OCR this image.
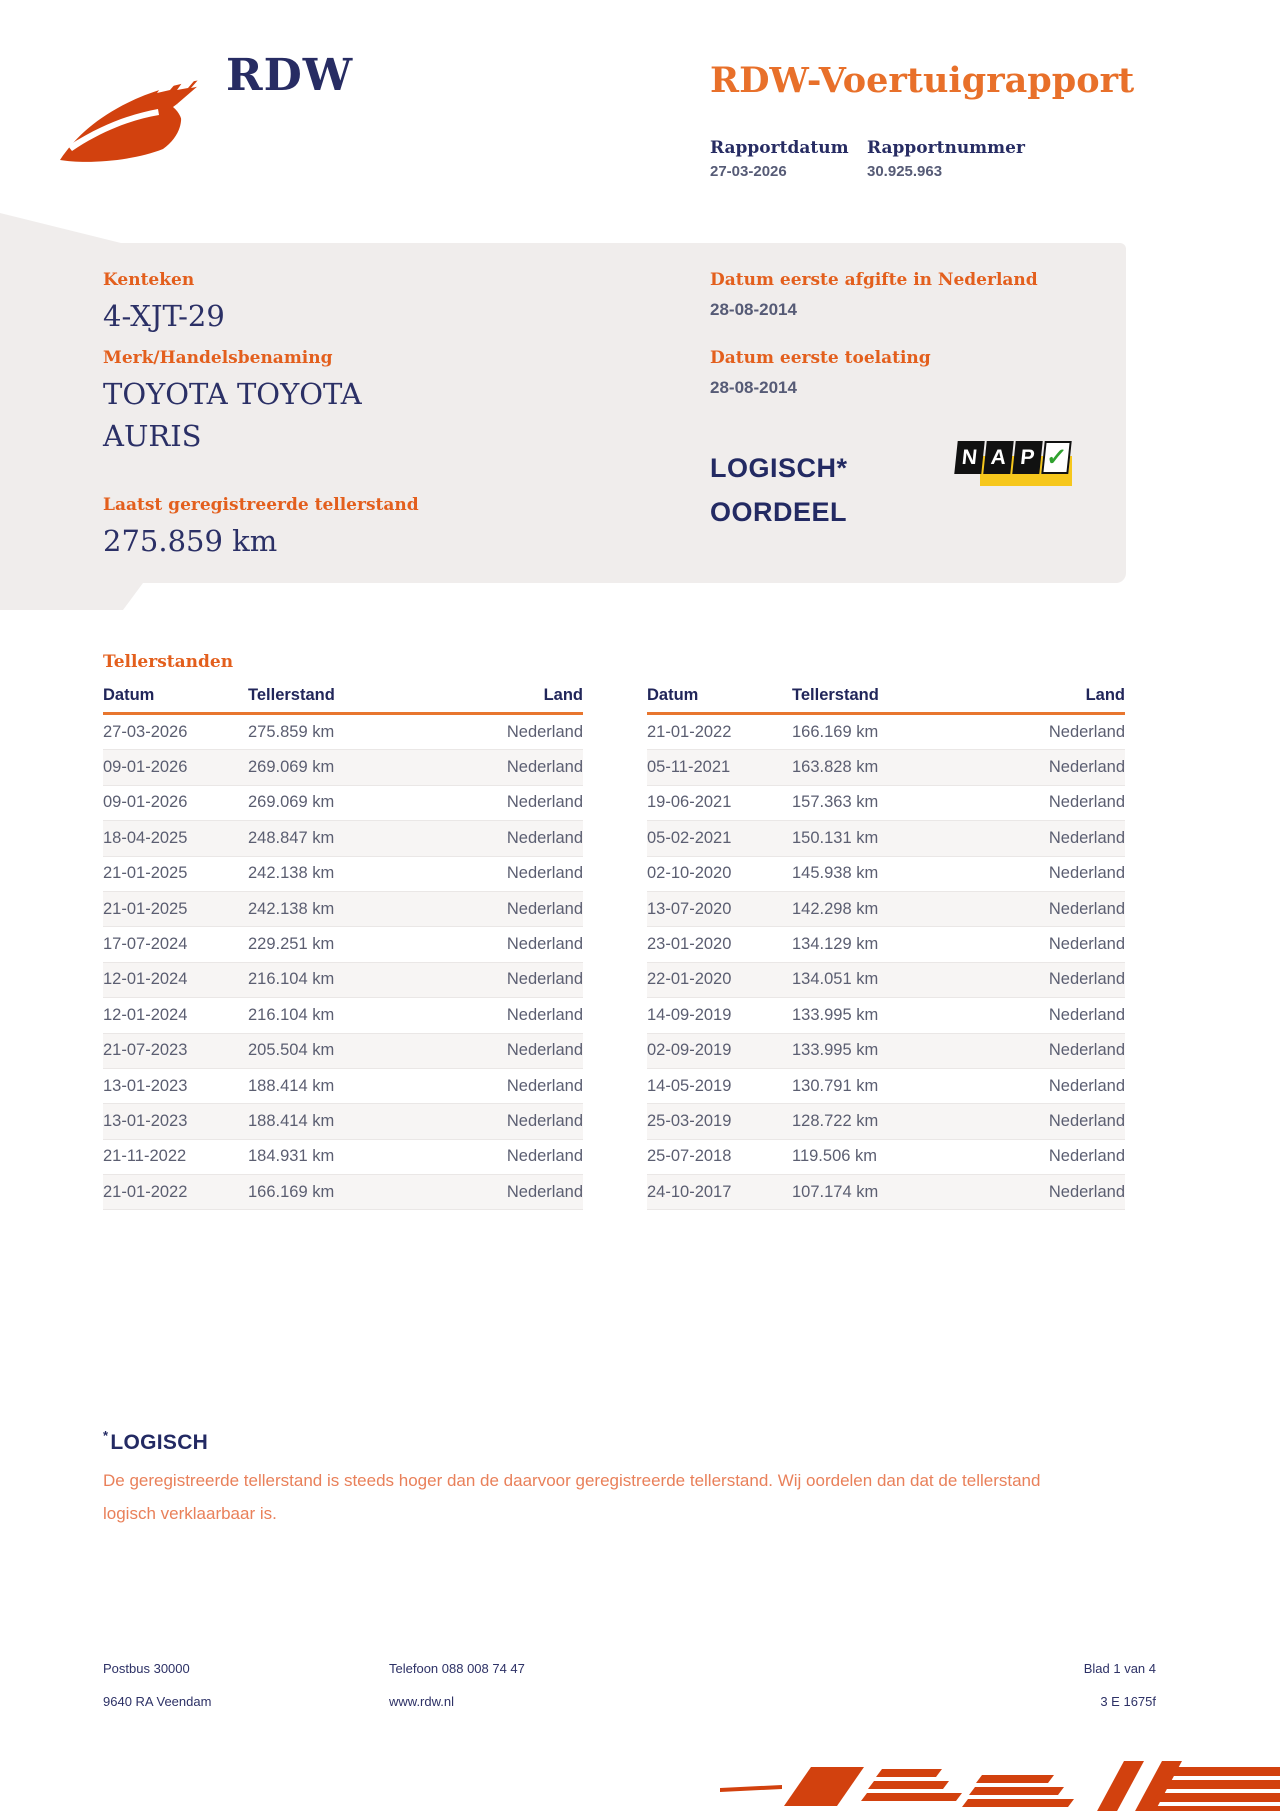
RDW	RDW-Voertuigrapport
Rapportdatum Rapportnummer
27-03-2026	30.925.963
Kenteken
4-XJT-29
Merk/Handelsbenaming
TOYOTA TOYOTA AURIS
Laatst geregistreerde tellerstand
275.859 km
Datum eerste afgifte in Nederland
28-08-2014
Datum eerste toelating
28-08-2014
LOGISCH*
OORDEEL
N A P ✓
Tellerstanden
Datum	Tellerstand	Land
27-03-2026	275.859 km	Nederland
09-01-2026	269.069 km	Nederland
09-01-2026	269.069 km	Nederland
18-04-2025	248.847 km	Nederland
21-01-2025	242.138 km	Nederland
21-01-2025	242.138 km	Nederland
17-07-2024	229.251 km	Nederland
12-01-2024	216.104 km	Nederland
12-01-2024	216.104 km	Nederland
21-07-2023	205.504 km	Nederland
13-01-2023	188.414 km	Nederland
13-01-2023	188.414 km	Nederland
21-11-2022	184.931 km	Nederland
21-01-2022	166.169 km	Nederland
Datum	Tellerstand	Land
21-01-2022	166.169 km	Nederland
05-11-2021	163.828 km	Nederland
19-06-2021	157.363 km	Nederland
05-02-2021	150.131 km	Nederland
02-10-2020	145.938 km	Nederland
13-07-2020	142.298 km	Nederland
23-01-2020	134.129 km	Nederland
22-01-2020	134.051 km	Nederland
14-09-2019	133.995 km	Nederland
02-09-2019	133.995 km	Nederland
14-05-2019	130.791 km	Nederland
25-03-2019	128.722 km	Nederland
25-07-2018	119.506 km	Nederland
24-10-2017	107.174 km	Nederland
*LOGISCH

De geregistreerde tellerstand is steeds hoger dan de daarvoor geregistreerde tellerstand. Wij oordelen dan dat de tellerstand logisch verklaarbaar is.

Postbus 30000
9640 RA Veendam
Telefoon 088 008 74 47
www.rdw.nl
Blad 1 van 4
3 E 1675f
